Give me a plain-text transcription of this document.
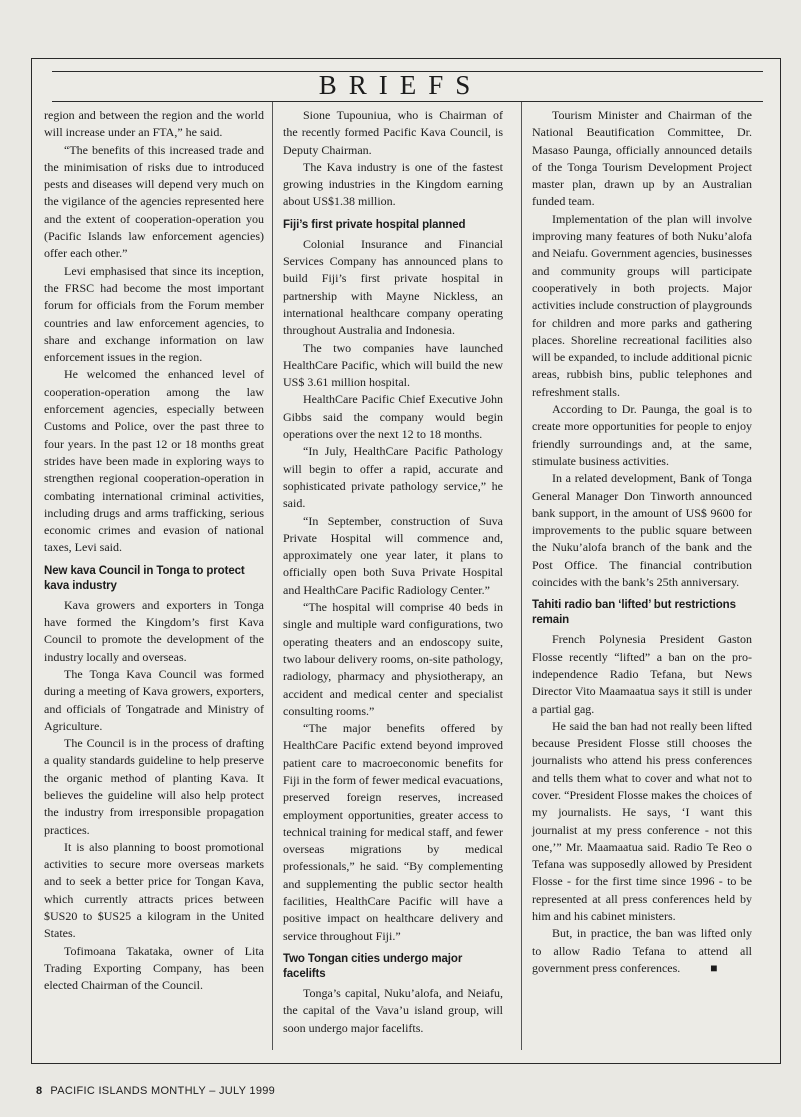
BRIEFS

region and between the region and the world will increase under an FTA,” he said.

“The benefits of this increased trade and the minimisation of risks due to introduced pests and diseases will depend very much on the vigilance of the agencies represented here and the extent of cooperation-operation you (Pacific Islands law enforcement agencies) offer each other.”

Levi emphasised that since its inception, the FRSC had become the most important forum for officials from the Forum member countries and law enforcement agencies, to share and exchange information on law enforcement issues in the region.

He welcomed the enhanced level of cooperation-operation among the law enforcement agencies, especially between Customs and Police, over the past three to four years. In the past 12 or 18 months great strides have been made in exploring ways to strengthen regional cooperation-operation in combating international criminal activities, including drugs and arms trafficking, serious economic crimes and evasion of national taxes, Levi said.

New kava Council in Tonga to protect kava industry

Kava growers and exporters in Tonga have formed the Kingdom’s first Kava Council to promote the development of the industry locally and overseas.

The Tonga Kava Council was formed during a meeting of Kava growers, exporters, and officials of Tongatrade and Ministry of Agriculture.

The Council is in the process of drafting a quality standards guideline to help preserve the organic method of planting Kava. It believes the guideline will also help protect the industry from irresponsible propagation practices.

It is also planning to boost promotional activities to secure more overseas markets and to seek a better price for Tongan Kava, which currently attracts prices between $US20 to $US25 a kilogram in the United States.

Tofimoana Takataka, owner of Lita Trading Exporting Company, has been elected Chairman of the Council.

Sione Tupouniua, who is Chairman of the recently formed Pacific Kava Council, is Deputy Chairman.

The Kava industry is one of the fastest growing industries in the Kingdom earning about US$1.38 million.

Fiji’s first private hospital planned

Colonial Insurance and Financial Services Company has announced plans to build Fiji’s first private hospital in partnership with Mayne Nickless, an international healthcare company operating throughout Australia and Indonesia.

The two companies have launched HealthCare Pacific, which will build the new US$ 3.61 million hospital.

HealthCare Pacific Chief Executive John Gibbs said the company would begin operations over the next 12 to 18 months.

“In July, HealthCare Pacific Pathology will begin to offer a rapid, accurate and sophisticated private pathology service,” he said.

“In September, construction of Suva Private Hospital will commence and, approximately one year later, it plans to officially open both Suva Private Hospital and HealthCare Pacific Radiology Center.”

“The hospital will comprise 40 beds in single and multiple ward configurations, two operating theaters and an endoscopy suite, two labour delivery rooms, on-site pathology, radiology, pharmacy and physiotherapy, an accident and medical center and specialist consulting rooms.”

“The major benefits offered by HealthCare Pacific extend beyond improved patient care to macroeconomic benefits for Fiji in the form of fewer medical evacuations, preserved foreign reserves, increased employment opportunities, greater access to technical training for medical staff, and fewer overseas migrations by medical professionals,” he said. “By complementing and supplementing the public sector health facilities, HealthCare Pacific will have a positive impact on healthcare delivery and service throughout Fiji.”

Two Tongan cities undergo major facelifts

Tonga’s capital, Nuku’alofa, and Neiafu, the capital of the Vava’u island group, will soon undergo major facelifts.

Tourism Minister and Chairman of the National Beautification Committee, Dr. Masaso Paunga, officially announced details of the Tonga Tourism Development Project master plan, drawn up by an Australian funded team.

Implementation of the plan will involve improving many features of both Nuku’alofa and Neiafu. Government agencies, businesses and community groups will participate cooperatively in both projects. Major activities include construction of playgrounds for children and more parks and gathering places. Shoreline recreational facilities also will be expanded, to include additional picnic areas, rubbish bins, public telephones and refreshment stalls.

According to Dr. Paunga, the goal is to create more opportunities for people to enjoy friendly surroundings and, at the same, stimulate business activities.

In a related development, Bank of Tonga General Manager Don Tinworth announced bank support, in the amount of US$ 9600 for improvements to the public square between the Nuku’alofa branch of the bank and the Post Office. The financial contribution coincides with the bank’s 25th anniversary.

Tahiti radio ban ‘lifted’ but restrictions remain

French Polynesia President Gaston Flosse recently “lifted” a ban on the pro-independence Radio Tefana, but News Director Vito Maamaatua says it still is under a partial gag.

He said the ban had not really been lifted because President Flosse still chooses the journalists who attend his press conferences and tells them what to cover and what not to cover. “President Flosse makes the choices of my journalists. He says, ‘I want this journalist at my press conference - not this one,’” Mr. Maamaatua said. Radio Te Reo o Tefana was supposedly allowed by President Flosse - for the first time since 1996 - to be represented at all press conferences held by him and his cabinet ministers.

But, in practice, the ban was lifted only to allow Radio Tefana to attend all government press conferences.	■

8 PACIFIC ISLANDS MONTHLY – JULY 1999
